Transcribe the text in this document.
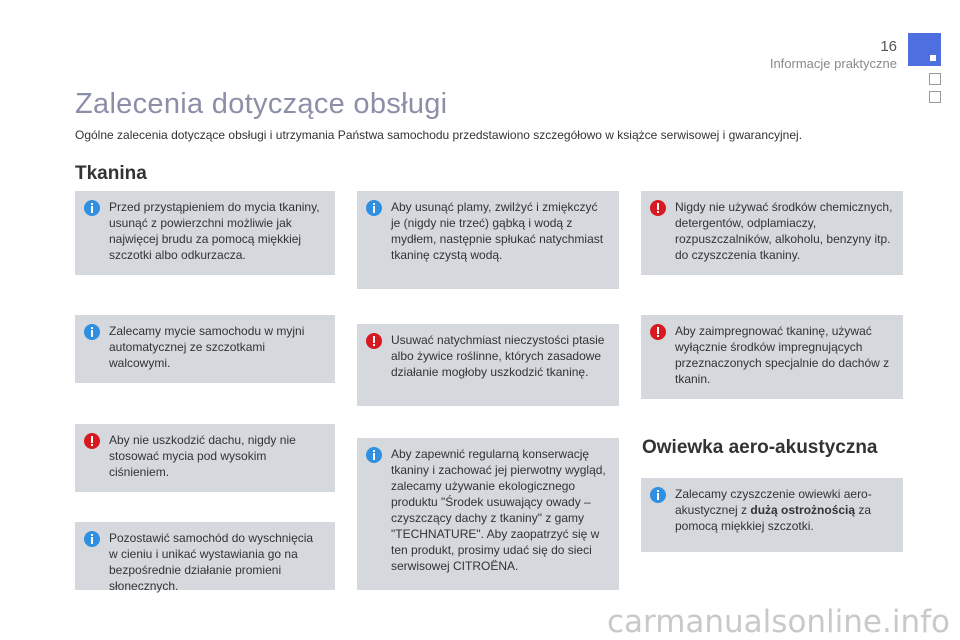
16
Informacje praktyczne
Zalecenia dotyczące obsługi
Ogólne zalecenia dotyczące obsługi i utrzymania Państwa samochodu przedstawiono szczegółowo w książce serwisowej i gwarancyjnej.
Tkanina
Przed przystąpieniem do mycia tkaniny, usunąć z powierzchni możliwie jak najwięcej brudu za pomocą miękkiej szczotki albo odkurzacza.
Zalecamy mycie samochodu w myjni automatycznej ze szczotkami walcowymi.
Aby nie uszkodzić dachu, nigdy nie stosować mycia pod wysokim ciśnieniem.
Pozostawić samochód do wyschnięcia w cieniu i unikać wystawiania go na bezpośrednie działanie promieni słonecznych.
Aby usunąć plamy, zwilżyć i zmiękczyć je (nigdy nie trzeć) gąbką i wodą z mydłem, następnie spłukać natychmiast tkaninę czystą wodą.
Usuwać natychmiast nieczystości ptasie albo żywice roślinne, których zasadowe działanie mogłoby uszkodzić tkaninę.
Aby zapewnić regularną konserwację tkaniny i zachować jej pierwotny wygląd, zalecamy używanie ekologicznego produktu "Środek usuwający owady – czyszczący dachy z tkaniny" z gamy "TECHNATURE". Aby zaopatrzyć się w ten produkt, prosimy udać się do sieci serwisowej CITROËNA.
Nigdy nie używać środków chemicznych, detergentów, odplamiaczy, rozpuszczalników, alkoholu, benzyny itp. do czyszczenia tkaniny.
Aby zaimpregnować tkaninę, używać wyłącznie środków impregnujących przeznaczonych specjalnie do dachów z tkanin.
Owiewka aero-akustyczna
Zalecamy czyszczenie owiewki aero-akustycznej z dużą ostrożnością za pomocą miękkiej szczotki.
carmanualsonline.info
